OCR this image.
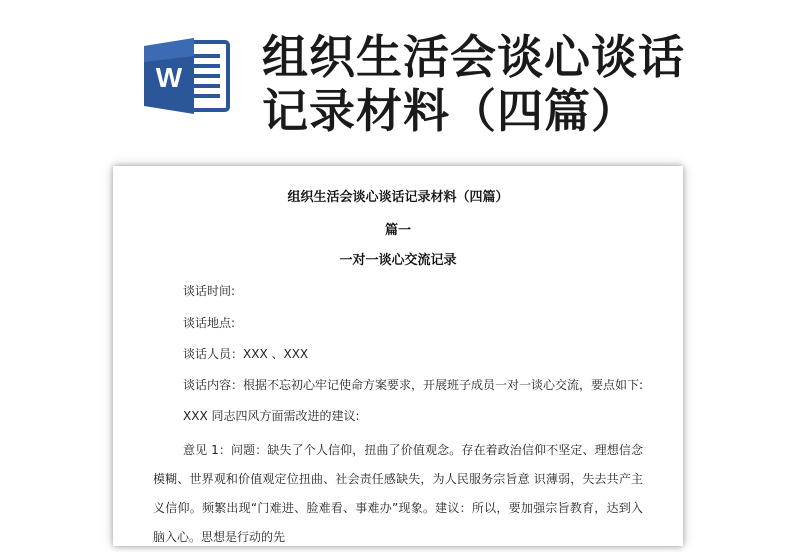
W 组织生活会谈心谈话
记录材料（四篇）
组织生活会谈心谈话记录材料（四篇）
篇一
一对一谈心交流记录
谈话时间:
谈话地点:
谈话人员：XXX 、XXX
谈话内容：根据不忘初心牢记使命方案要求，开展班子成员一对一谈心交流，要点如下:
XXX 同志四风方面需改进的建议:

意见 1：问题：缺失了个人信仰，扭曲了价值观念。存在着政治信仰不坚定、理想信念模糊、世界观和价值观定位扭曲、社会责任感缺失，为人民服务宗旨意 识薄弱，失去共产主义信仰。频繁出现“门难进、脸难看、事难办”现象。建议：所以，要加强宗旨教育，达到入脑入心。思想是行动的先
